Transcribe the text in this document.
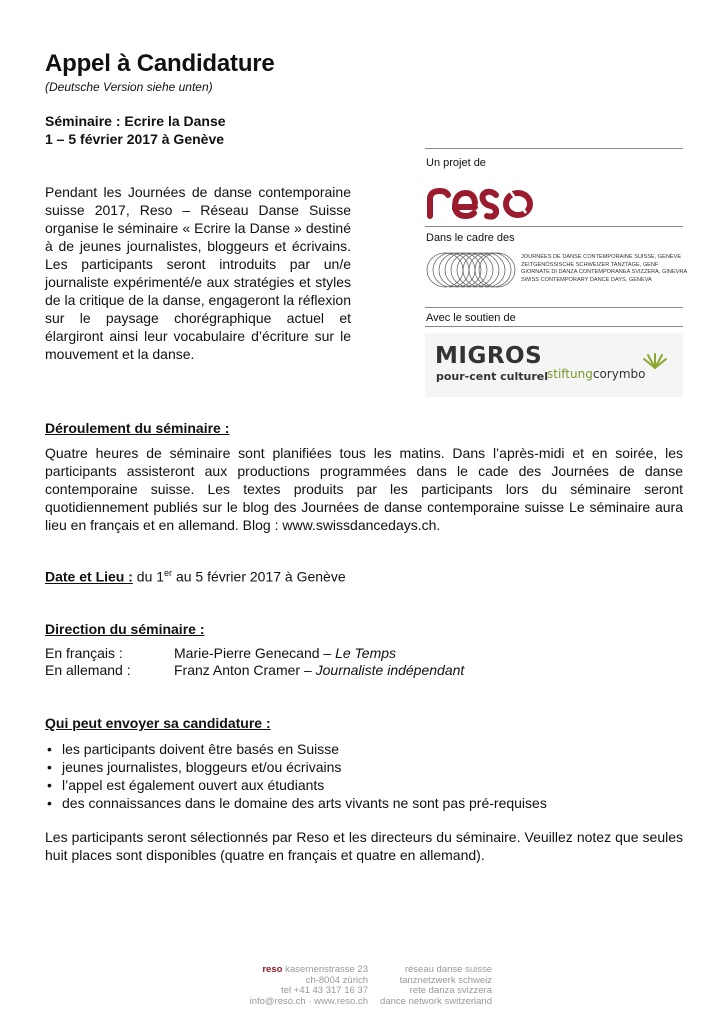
Appel à Candidature
(Deutsche Version siehe unten)
Séminaire : Ecrire la Danse
1 – 5 février 2017 à Genève
Un projet de
Dans le cadre des
JOURNÉES DE DANSE CONTEMPORAINE SUISSE, GENÈVE
ZEITGENÖSSISCHE SCHWEIZER TANZTAGE, GENF
GIORNATE DI DANZA CONTEMPORANEA SVIZZERA, GINEVRA
SWISS CONTEMPORARY DANCE DAYS, GENEVA
Avec le soutien de
MIGROS
pour-cent culturel
stiftungcorymbo
Pendant les Journées de danse contemporaine suisse 2017, Reso – Réseau Danse Suisse organise le séminaire « Ecrire la Danse » destiné à de jeunes journalistes, bloggeurs et écrivains. Les participants seront introduits par un/e journaliste expérimenté/e aux stratégies et styles de la critique de la danse, engageront la réflexion sur le paysage chorégraphique actuel et élargiront ainsi leur vocabulaire d’écriture sur le mouvement et la danse.
Déroulement du séminaire :
Quatre heures de séminaire sont planifiées tous les matins. Dans l’après-midi et en soirée, les participants assisteront aux productions programmées dans le cade des Journées de danse contemporaine suisse. Les textes produits par les participants lors du séminaire seront quotidiennement publiés sur le blog des Journées de danse contemporaine suisse Le séminaire aura lieu en français et en allemand. Blog : www.swissdancedays.ch.
Date et Lieu : du 1er au 5 février 2017 à Genève
Direction du séminaire :
En français :	Marie-Pierre Genecand – Le Temps
En allemand :	Franz Anton Cramer – Journaliste indépendant
Qui peut envoyer sa candidature :
• les participants doivent être basés en Suisse
• jeunes journalistes, bloggeurs et/ou écrivains
• l’appel est également ouvert aux étudiants
• des connaissances dans le domaine des arts vivants ne sont pas pré-requises
Les participants seront sélectionnés par Reso et les directeurs du séminaire. Veuillez notez que seules huit places sont disponibles (quatre en français et quatre en allemand).
reso kasernenstrasse 23
ch-8004 zürich
tel +41 43 317 16 37
info@reso.ch · www.reso.ch
réseau danse suisse
tanznetzwerk schweiz
rete danza svizzera
dance network switzerland
